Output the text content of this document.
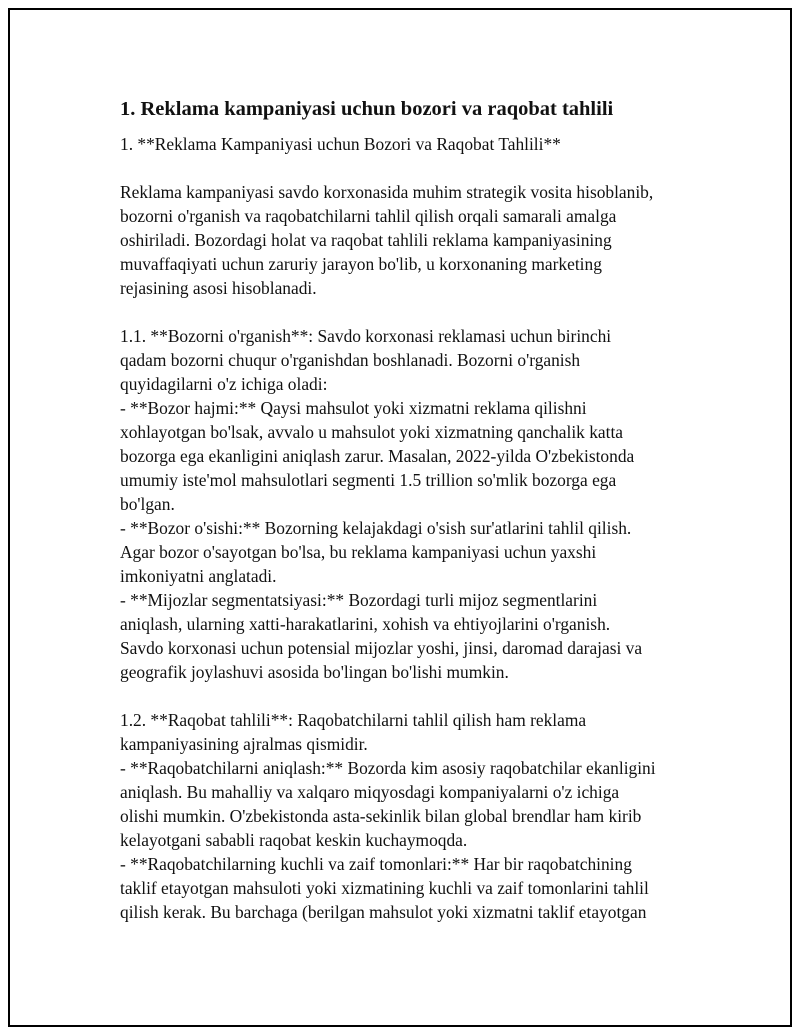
1. Reklama kampaniyasi uchun bozori va raqobat tahlili
1. **Reklama Kampaniyasi uchun Bozori va Raqobat Tahlili**
Reklama kampaniyasi savdo korxonasida muhim strategik vosita hisoblanib,
bozorni o'rganish va raqobatchilarni tahlil qilish orqali samarali amalga
oshiriladi. Bozordagi holat va raqobat tahlili reklama kampaniyasining
muvaffaqiyati uchun zaruriy jarayon bo'lib, u korxonaning marketing
rejasining asosi hisoblanadi.
1.1. **Bozorni o'rganish**: Savdo korxonasi reklamasi uchun birinchi
qadam bozorni chuqur o'rganishdan boshlanadi. Bozorni o'rganish
quyidagilarni o'z ichiga oladi:
- **Bozor hajmi:** Qaysi mahsulot yoki xizmatni reklama qilishni
xohlayotgan bo'lsak, avvalo u mahsulot yoki xizmatning qanchalik katta
bozorga ega ekanligini aniqlash zarur. Masalan, 2022-yilda O'zbekistonda
umumiy iste'mol mahsulotlari segmenti 1.5 trillion so'mlik bozorga ega
bo'lgan.
- **Bozor o'sishi:** Bozorning kelajakdagi o'sish sur'atlarini tahlil qilish.
Agar bozor o'sayotgan bo'lsa, bu reklama kampaniyasi uchun yaxshi
imkoniyatni anglatadi.
- **Mijozlar segmentatsiyasi:** Bozordagi turli mijoz segmentlarini
aniqlash, ularning xatti-harakatlarini, xohish va ehtiyojlarini o'rganish.
Savdo korxonasi uchun potensial mijozlar yoshi, jinsi, daromad darajasi va
geografik joylashuvi asosida bo'lingan bo'lishi mumkin.
1.2. **Raqobat tahlili**: Raqobatchilarni tahlil qilish ham reklama
kampaniyasining ajralmas qismidir.
- **Raqobatchilarni aniqlash:** Bozorda kim asosiy raqobatchilar ekanligini
aniqlash. Bu mahalliy va xalqaro miqyosdagi kompaniyalarni o'z ichiga
olishi mumkin. O'zbekistonda asta-sekinlik bilan global brendlar ham kirib
kelayotgani sababli raqobat keskin kuchaymoqda.
- **Raqobatchilarning kuchli va zaif tomonlari:** Har bir raqobatchining
taklif etayotgan mahsuloti yoki xizmatining kuchli va zaif tomonlarini tahlil
qilish kerak. Bu barchaga (berilgan mahsulot yoki xizmatni taklif etayotgan
